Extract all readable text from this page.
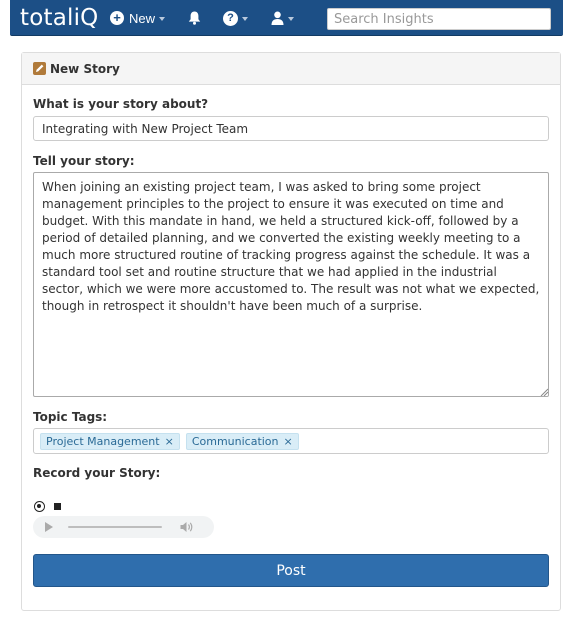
totaliQ + New	?
Search Insights
New Story
What is your story about?
Integrating with New Project Team
Tell your story:
When joining an existing project team, I was asked to bring some project management principles to the project to ensure it was executed on time and budget. With this mandate in hand, we held a structured kick-off, followed by a period of detailed planning, and we converted the existing weekly meeting to a much more structured routine of tracking progress against the schedule. It was a standard tool set and routine structure that we had applied in the industrial sector, which we were more accustomed to. The result was not what we expected, though in retrospect it shouldn't have been much of a surprise.
Topic Tags:
Project Management × Communication ×
Record your Story:
Post
